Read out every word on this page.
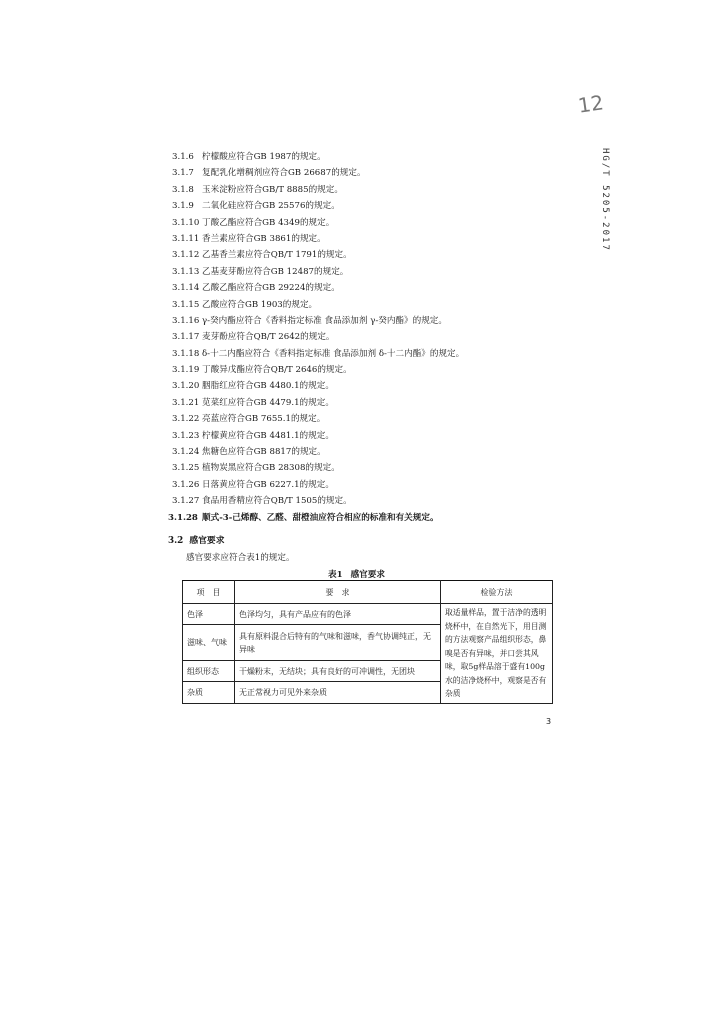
12
HG/T 5205-2017
3.1.6 柠檬酸应符合GB 1987的规定。
3.1.7 复配乳化增稠剂应符合GB 26687的规定。
3.1.8 玉米淀粉应符合GB/T 8885的规定。
3.1.9 二氧化硅应符合GB 25576的规定。
3.1.10 丁酸乙酯应符合GB 4349的规定。
3.1.11 香兰素应符合GB 3861的规定。
3.1.12 乙基香兰素应符合QB/T 1791的规定。
3.1.13 乙基麦芽酚应符合GB 12487的规定。
3.1.14 乙酸乙酯应符合GB 29224的规定。
3.1.15 乙酸应符合GB 1903的规定。
3.1.16 γ-癸内酯应符合《香料指定标准 食品添加剂 γ-癸内酯》的规定。
3.1.17 麦芽酚应符合QB/T 2642的规定。
3.1.18 δ-十二内酯应符合《香料指定标准 食品添加剂 δ-十二内酯》的规定。
3.1.19 丁酸异戊酯应符合QB/T 2646的规定。
3.1.20 胭脂红应符合GB 4480.1的规定。
3.1.21 苋菜红应符合GB 4479.1的规定。
3.1.22 亮蓝应符合GB 7655.1的规定。
3.1.23 柠檬黄应符合GB 4481.1的规定。
3.1.24 焦糖色应符合GB 8817的规定。
3.1.25 植物炭黑应符合GB 28308的规定。
3.1.26 日落黄应符合GB 6227.1的规定。
3.1.27 食品用香精应符合QB/T 1505的规定。
3.1.28 顺式-3-己烯醇、乙醛、甜橙油应符合相应的标准和有关规定。
3.2 感官要求
感官要求应符合表1的规定。
表1 感官要求
项　目	要　求	检验方法
色泽	色泽均匀，具有产品应有的色泽	取适量样品，置于洁净的透明烧杯中，在自然光下，用目测的方法观察产品组织形态，鼻嗅是否有异味，并口尝其风味，取5g样品溶于盛有100g水的洁净烧杯中，观察是否有杂质
滋味、气味	具有原料混合后特有的气味和滋味，香气协调纯正，无异味	
组织形态	干燥粉末，无结块；具有良好的可冲调性，无团块	
杂质	无正常视力可见外来杂质	
3
